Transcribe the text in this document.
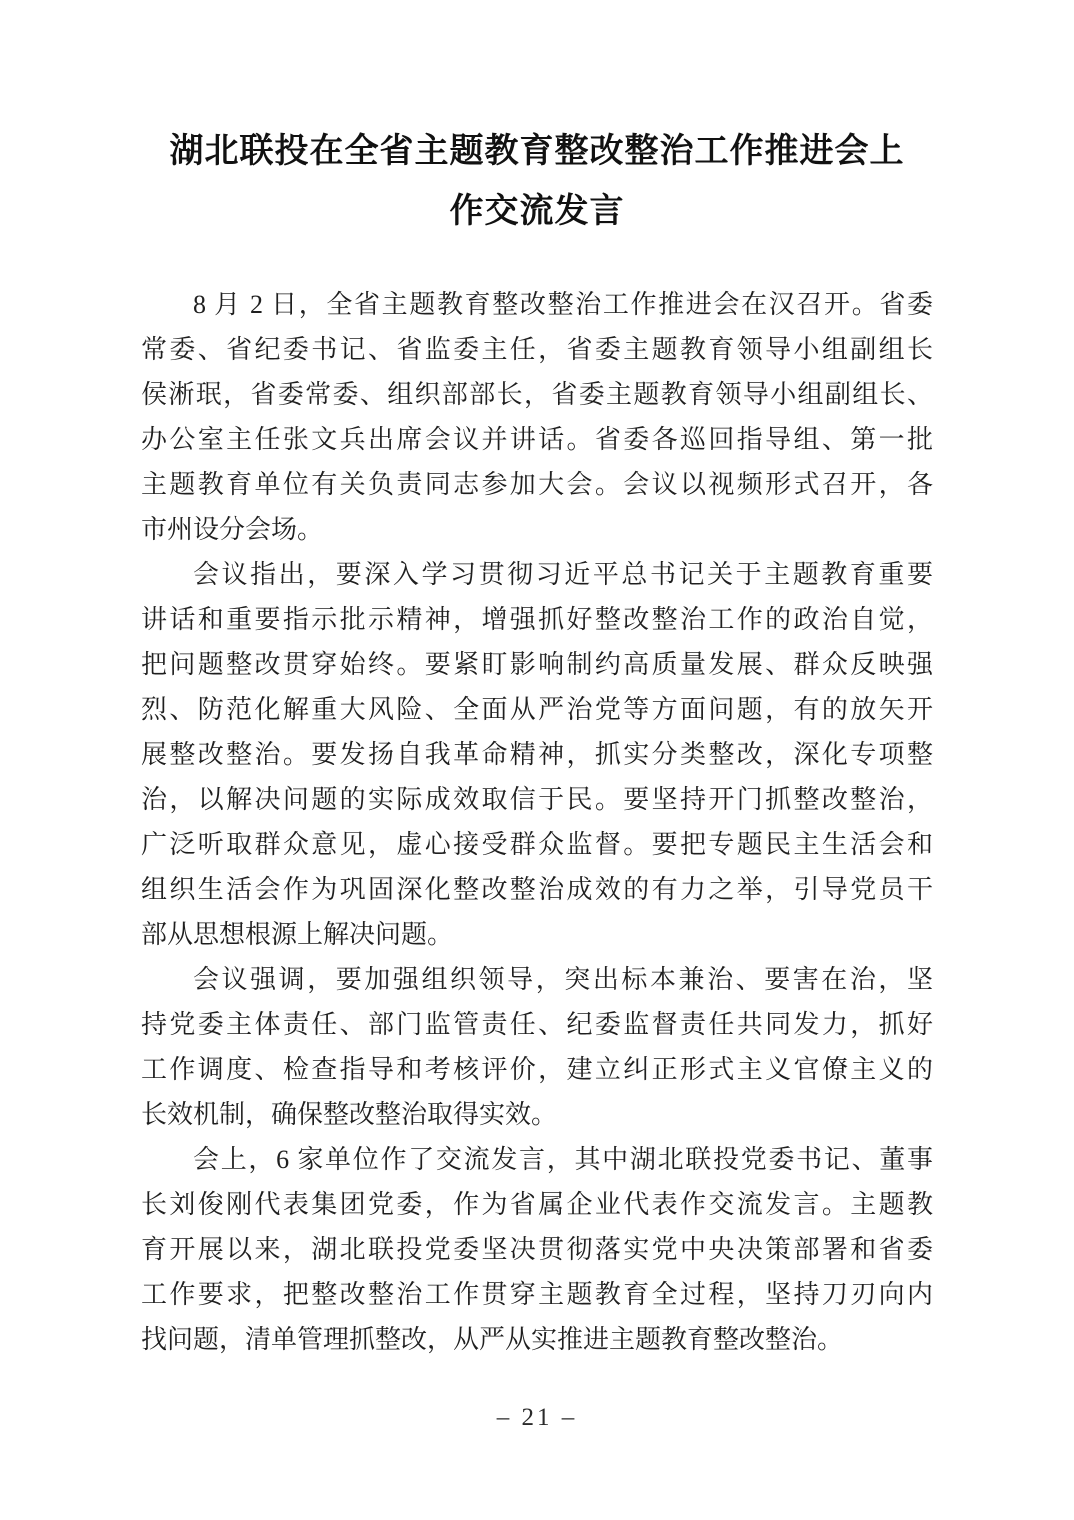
湖北联投在全省主题教育整改整治工作推进会上
作交流发言
8 月 2 日，全省主题教育整改整治工作推进会在汉召开。省委
常委、省纪委书记、省监委主任，省委主题教育领导小组副组长
侯淅珉，省委常委、组织部部长，省委主题教育领导小组副组长、
办公室主任张文兵出席会议并讲话。省委各巡回指导组、第一批
主题教育单位有关负责同志参加大会。会议以视频形式召开，各
市州设分会场。
会议指出，要深入学习贯彻习近平总书记关于主题教育重要
讲话和重要指示批示精神，增强抓好整改整治工作的政治自觉，
把问题整改贯穿始终。要紧盯影响制约高质量发展、群众反映强
烈、防范化解重大风险、全面从严治党等方面问题，有的放矢开
展整改整治。要发扬自我革命精神，抓实分类整改，深化专项整
治，以解决问题的实际成效取信于民。要坚持开门抓整改整治，
广泛听取群众意见，虚心接受群众监督。要把专题民主生活会和
组织生活会作为巩固深化整改整治成效的有力之举，引导党员干
部从思想根源上解决问题。
会议强调，要加强组织领导，突出标本兼治、要害在治，坚
持党委主体责任、部门监管责任、纪委监督责任共同发力，抓好
工作调度、检查指导和考核评价，建立纠正形式主义官僚主义的
长效机制，确保整改整治取得实效。
会上，6 家单位作了交流发言，其中湖北联投党委书记、董事
长刘俊刚代表集团党委，作为省属企业代表作交流发言。主题教
育开展以来，湖北联投党委坚决贯彻落实党中央决策部署和省委
工作要求，把整改整治工作贯穿主题教育全过程，坚持刀刃向内
找问题，清单管理抓整改，从严从实推进主题教育整改整治。
– 21 –
